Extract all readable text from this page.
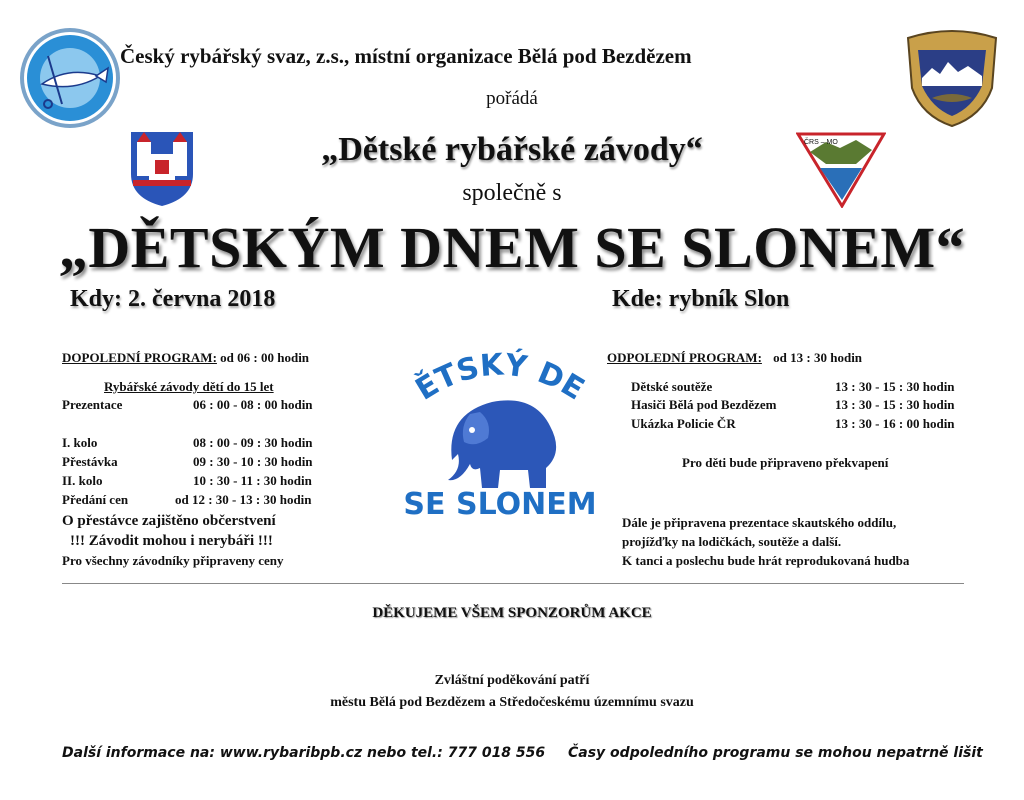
ČRS – MO
Český rybářský svaz, z.s., místní organizace Bělá pod Bezdězem
pořádá
„Dětské rybářské závody“
společně s
„DĚTSKÝM DNEM SE SLONEM“
Kdy: 2. června 2018	Kde: rybník Slon
DOPOLEDNÍ PROGRAM: od 06 : 00 hodin
Rybářské závody dětí do 15 let
Prezentace	06 : 00 - 08 : 00 hodin
I. kolo	08 : 00 - 09 : 30 hodin
Přestávka	09 : 30 - 10 : 30 hodin
II. kolo	10 : 30 - 11 : 30 hodin
Předání cen	od 12 : 30 - 13 : 30 hodin
O přestávce zajištěno občerstvení
!!! Závodit mohou i nerybáři !!!
Pro všechny závodníky připraveny ceny
ĚTSKÝ DE
SE SLONEM
ODPOLEDNÍ PROGRAM: od 13 : 30 hodin
Dětské soutěže	13 : 30 - 15 : 30 hodin
Hasiči Bělá pod Bezdězem	13 : 30 - 15 : 30 hodin
Ukázka Policie ČR	13 : 30 - 16 : 00 hodin
Pro děti bude připraveno překvapení
Dále je připravena prezentace skautského oddílu,
projížďky na lodičkách, soutěže a další.
K tanci a poslechu bude hrát reprodukovaná hudba
DĚKUJEME VŠEM SPONZORŮM AKCE
Zvláštní poděkování patří
městu Bělá pod Bezdězem a Středočeskému územnímu svazu
Další informace na: www.rybaribpb.cz nebo tel.: 777 018 556 Časy odpoledního programu se mohou nepatrně lišit
